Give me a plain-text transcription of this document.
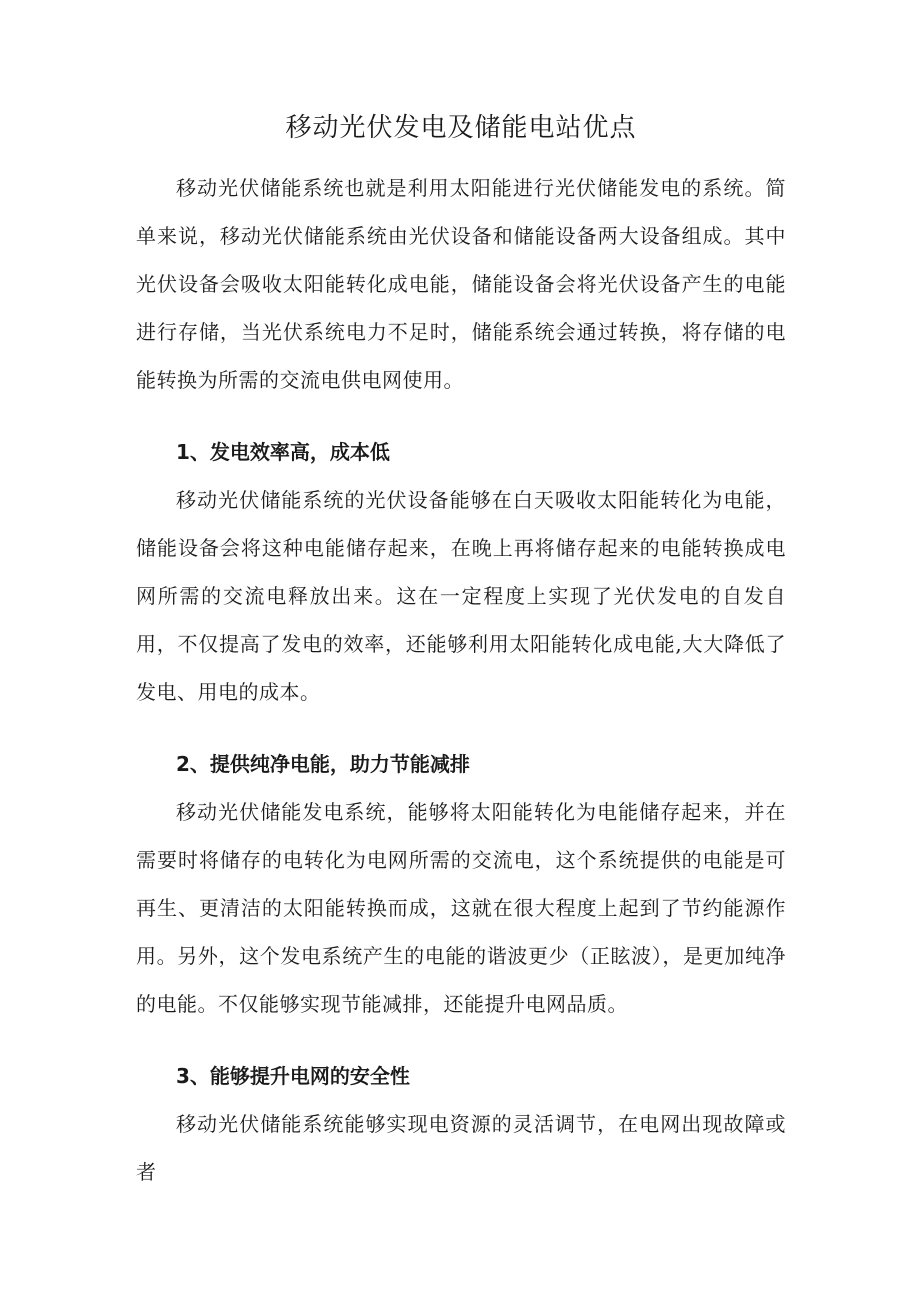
移动光伏发电及储能电站优点

移动光伏储能系统也就是利用太阳能进行光伏储能发电的系统。简单来说，移动光伏储能系统由光伏设备和储能设备两大设备组成。其中光伏设备会吸收太阳能转化成电能，储能设备会将光伏设备产生的电能进行存储，当光伏系统电力不足时，储能系统会通过转换，将存储的电能转换为所需的交流电供电网使用。

1、发电效率高，成本低

移动光伏储能系统的光伏设备能够在白天吸收太阳能转化为电能，储能设备会将这种电能储存起来，在晚上再将储存起来的电能转换成电网所需的交流电释放出来。这在一定程度上实现了光伏发电的自发自用，不仅提高了发电的效率，还能够利用太阳能转化成电能,大大降低了发电、用电的成本。

2、提供纯净电能，助力节能减排

移动光伏储能发电系统，能够将太阳能转化为电能储存起来，并在需要时将储存的电转化为电网所需的交流电，这个系统提供的电能是可再生、更清洁的太阳能转换而成，这就在很大程度上起到了节约能源作用。另外，这个发电系统产生的电能的谐波更少（正眩波），是更加纯净的电能。不仅能够实现节能减排，还能提升电网品质。

3、能够提升电网的安全性

移动光伏储能系统能够实现电资源的灵活调节，在电网出现故障或者
